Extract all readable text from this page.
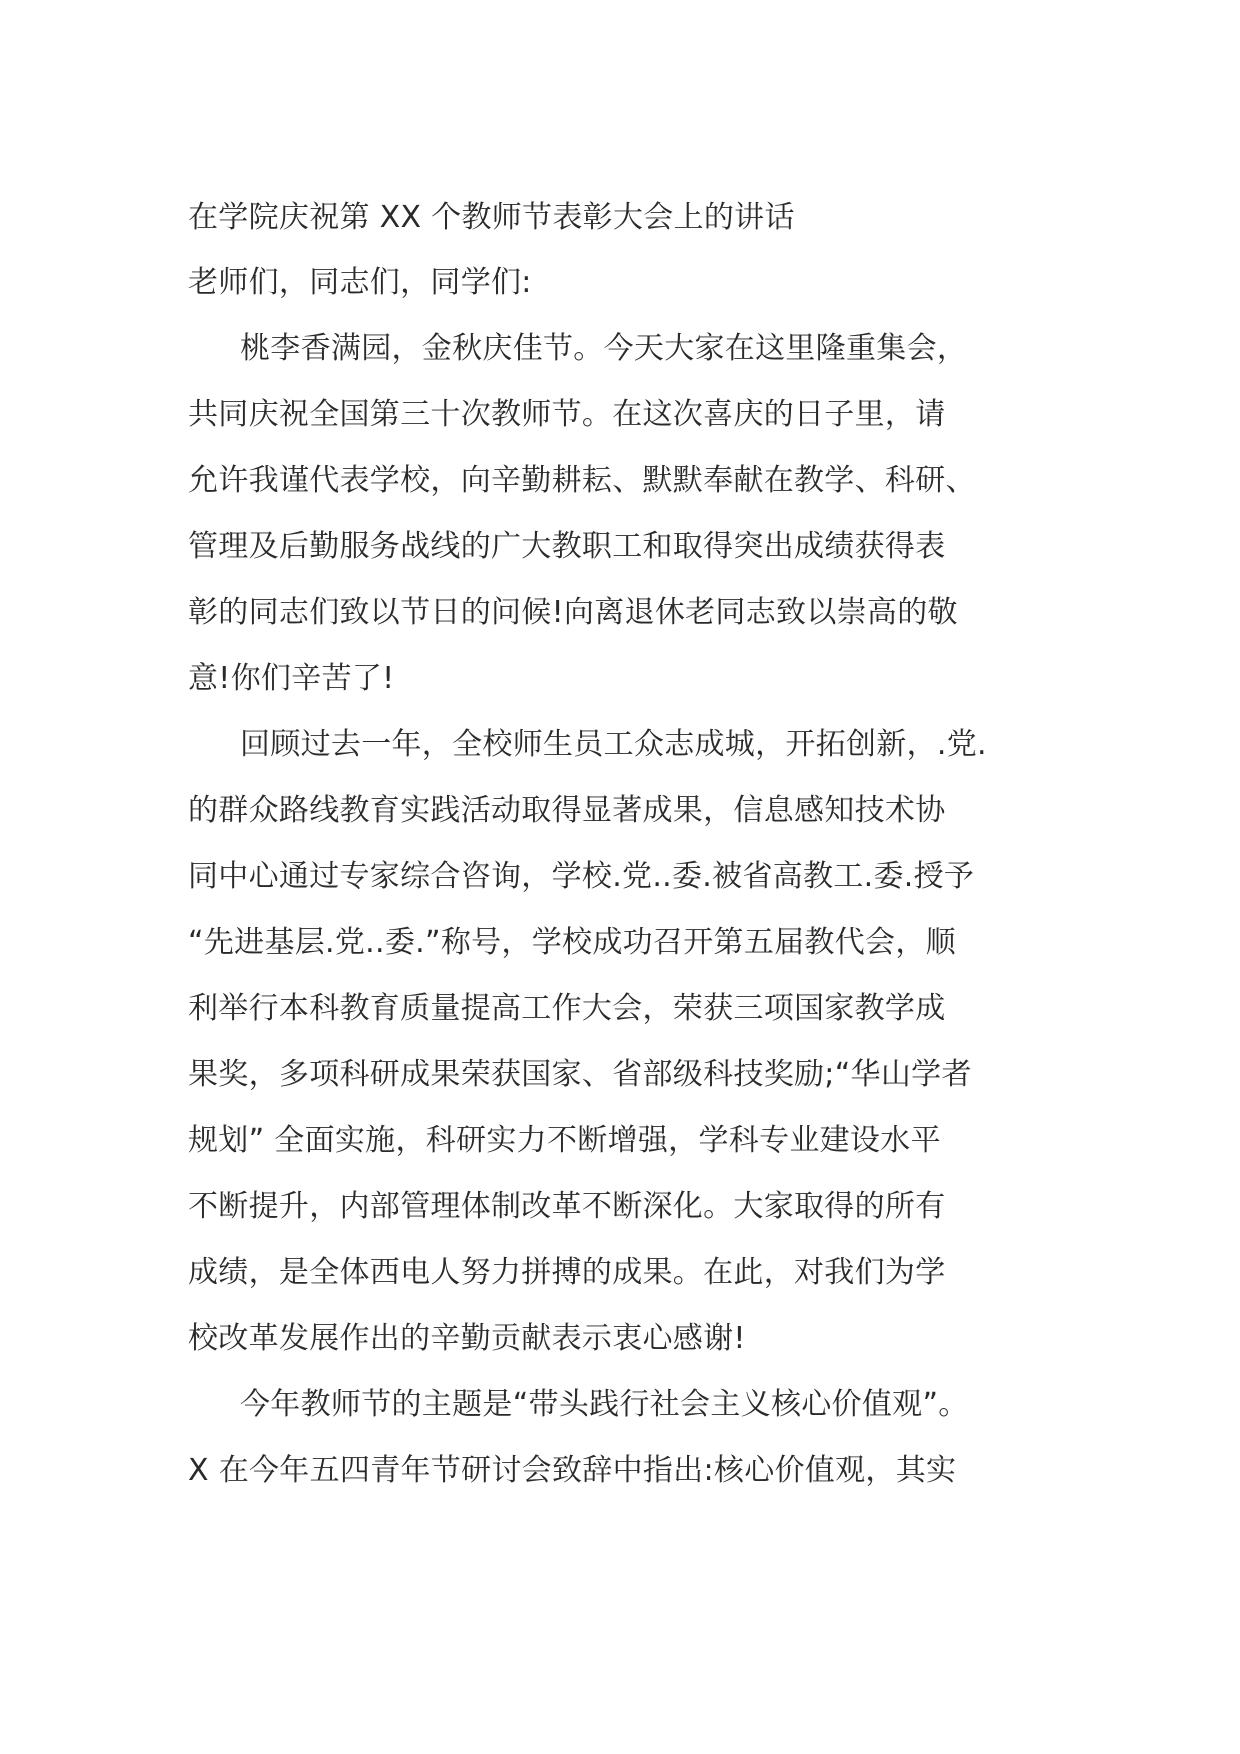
在学院庆祝第 XX 个教师节表彰大会上的讲话
老师们，同志们，同学们:
桃李香满园，金秋庆佳节。今天大家在这里隆重集会，
共同庆祝全国第三十次教师节。在这次喜庆的日子里，请
允许我谨代表学校，向辛勤耕耘、默默奉献在教学、科研、
管理及后勤服务战线的广大教职工和取得突出成绩获得表
彰的同志们致以节日的问候!向离退休老同志致以崇高的敬
意!你们辛苦了!
回顾过去一年，全校师生员工众志成城，开拓创新，.党.
的群众路线教育实践活动取得显著成果，信息感知技术协
同中心通过专家综合咨询，学校.党..委.被省高教工.委.授予
“先进基层.党..委.”称号，学校成功召开第五届教代会，顺
利举行本科教育质量提高工作大会，荣获三项国家教学成
果奖，多项科研成果荣获国家、省部级科技奖励;“华山学者
规划” 全面实施，科研实力不断增强，学科专业建设水平
不断提升，内部管理体制改革不断深化。大家取得的所有
成绩，是全体西电人努力拼搏的成果。在此，对我们为学
校改革发展作出的辛勤贡献表示衷心感谢!
今年教师节的主题是“带头践行社会主义核心价值观”。
X 在今年五四青年节研讨会致辞中指出:核心价值观，其实
